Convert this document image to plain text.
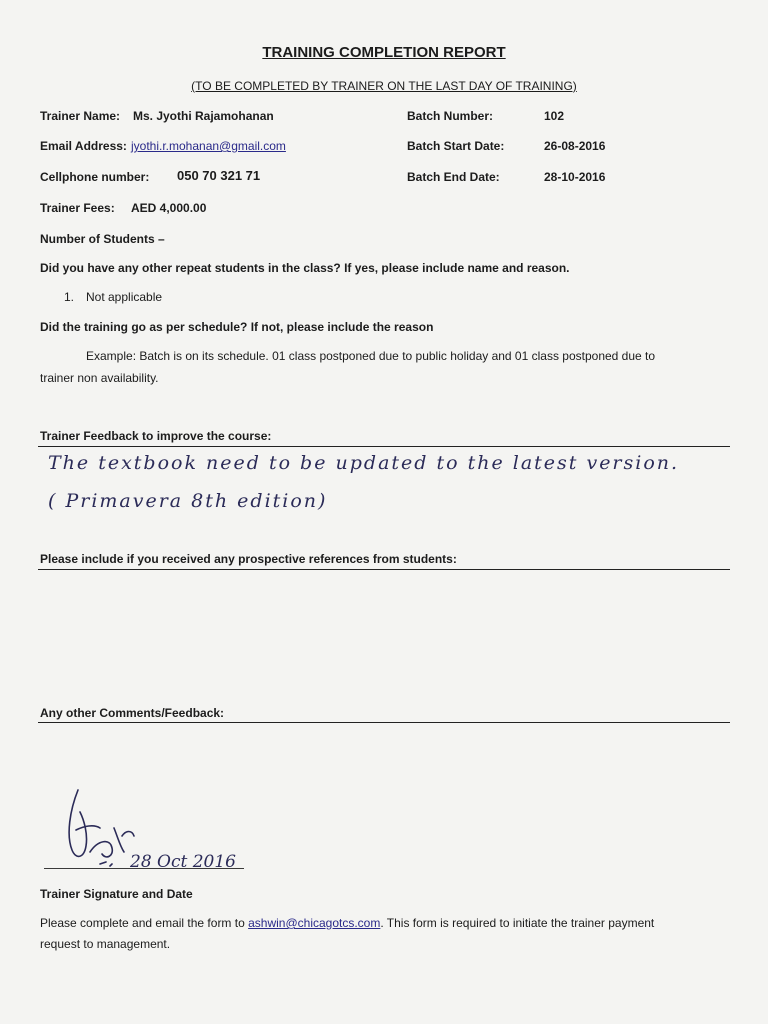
TRAINING COMPLETION REPORT
(TO BE COMPLETED BY TRAINER ON THE LAST DAY OF TRAINING)
Trainer Name: Ms. Jyothi Rajamohanan
Email Address: jyothi.r.mohanan@gmail.com
Cellphone number: 050 70 321 71
Trainer Fees: AED 4,000.00
Batch Number:	102
Batch Start Date:	26-08-2016
Batch End Date:	28-10-2016
Number of Students –
Did you have any other repeat students in the class? If yes, please include name and reason.
1. Not applicable
Did the training go as per schedule? If not, please include the reason
Example: Batch is on its schedule. 01 class postponed due to public holiday and 01 class postponed due to
trainer non availability.
Trainer Feedback to improve the course:
The textbook need to be updated to the latest version.
( Primavera 8th edition)
Please include if you received any prospective references from students:
Any other Comments/Feedback:
28 Oct 2016
Trainer Signature and Date
Please complete and email the form to ashwin@chicagotcs.com. This form is required to initiate the trainer payment
request to management.
